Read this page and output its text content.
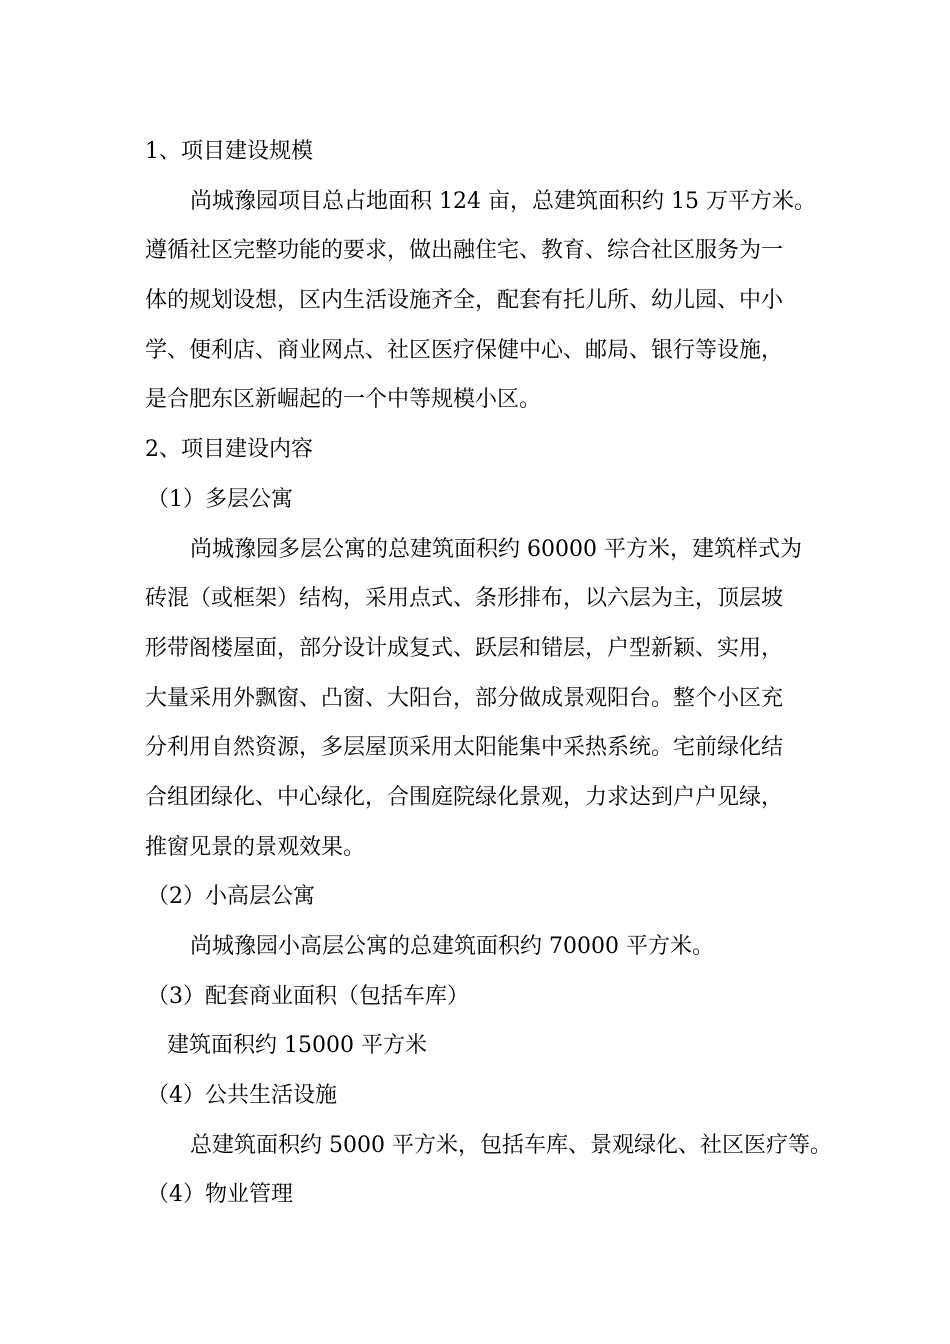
1、项目建设规模
尚城豫园项目总占地面积 124 亩，总建筑面积约 15 万平方米。
遵循社区完整功能的要求，做出融住宅、教育、综合社区服务为一
体的规划设想，区内生活设施齐全，配套有托儿所、幼儿园、中小
学、便利店、商业网点、社区医疗保健中心、邮局、银行等设施，
是合肥东区新崛起的一个中等规模小区。
2、项目建设内容
（1）多层公寓
尚城豫园多层公寓的总建筑面积约 60000 平方米，建筑样式为
砖混（或框架）结构，采用点式、条形排布，以六层为主，顶层坡
形带阁楼屋面，部分设计成复式、跃层和错层，户型新颖、实用，
大量采用外飘窗、凸窗、大阳台，部分做成景观阳台。整个小区充
分利用自然资源，多层屋顶采用太阳能集中采热系统。宅前绿化结
合组团绿化、中心绿化，合围庭院绿化景观，力求达到户户见绿，
推窗见景的景观效果。
（2）小高层公寓
尚城豫园小高层公寓的总建筑面积约 70000 平方米。
（3）配套商业面积（包括车库）
建筑面积约 15000 平方米
（4）公共生活设施
总建筑面积约 5000 平方米，包括车库、景观绿化、社区医疗等。
（4）物业管理
